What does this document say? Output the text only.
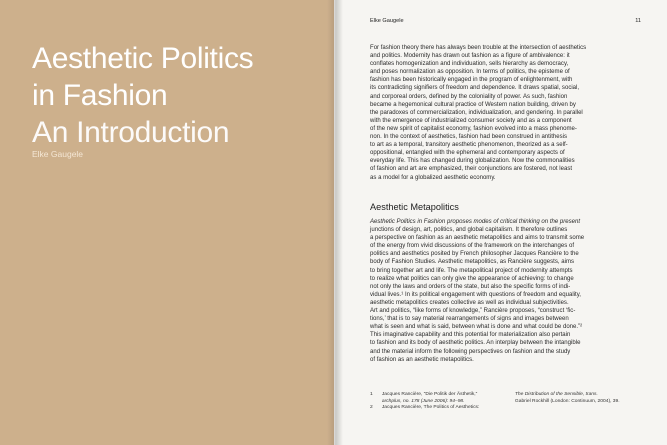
Aesthetic Politics
in Fashion
An Introduction
Elke Gaugele
Elke Gaugele	11

For fashion theory there has always been trouble at the intersection of aesthetics

and politics. Modernity has drawn out fashion as a figure of ambivalence: it

conflates homogenization and individuation, sells hierarchy as democracy,

and poses normalization as opposition. In terms of politics, the episteme of

fashion has been historically engaged in the program of enlightenment, with

its contradicting signifiers of freedom and dependence. It draws spatial, social,

and corporeal orders, defined by the coloniality of power. As such, fashion

became a hegemonical cultural practice of Western nation building, driven by

the paradoxes of commercialization, individualization, and gendering. In parallel

with the emergence of industrialized consumer society and as a component

of the new spirit of capitalist economy, fashion evolved into a mass phenome-

non. In the context of aesthetics, fashion had been construed in antithesis

to art as a temporal, transitory aesthetic phenomenon, theorized as a self-

oppositional, entangled with the ephemeral and contemporary aspects of

everyday life. This has changed during globalization. Now the commonalities

of fashion and art are emphasized, their conjunctions are fostered, not least

as a model for a globalized aesthetic economy.

Aesthetic Metapolitics

Aesthetic Politics in Fashion proposes modes of critical thinking on the present

junctions of design, art, politics, and global capitalism. It therefore outlines

a perspective on fashion as an aesthetic metapolitics and aims to transmit some

of the energy from vivid discussions of the framework on the interchanges of

politics and aesthetics posited by French philosopher Jacques Rancière to the

body of Fashion Studies. Aesthetic metapolitics, as Rancière suggests, aims

to bring together art and life. The metapolitical project of modernity attempts

to realize what politics can only give the appearance of achieving: to change

not only the laws and orders of the state, but also the specific forms of indi-

vidual lives.¹ In its political engagement with questions of freedom and equality,

aesthetic metapolitics creates collective as well as individual subjectivities.

Art and politics, “like forms of knowledge,” Rancière proposes, “construct ‘fic-

tions,’ that is to say material rearrangements of signs and images between

what is seen and what is said, between what is done and what could be done.”²

This imaginative capability and this potential for materialization also pertain

to fashion and its body of aesthetic politics. An interplay between the intangible

and the material inform the following perspectives on fashion and the study

of fashion as an aesthetic metapolitics.

1	Jacques Rancière, “Die Politik der Ästhetik,”
archplus, no. 178 (June 2006): 94–98.
2	Jacques Rancière, The Politics of Aesthetics:
The Distribution of the Sensible, trans.
Gabriel Rockhill (London: Continuum, 2004), 39.
